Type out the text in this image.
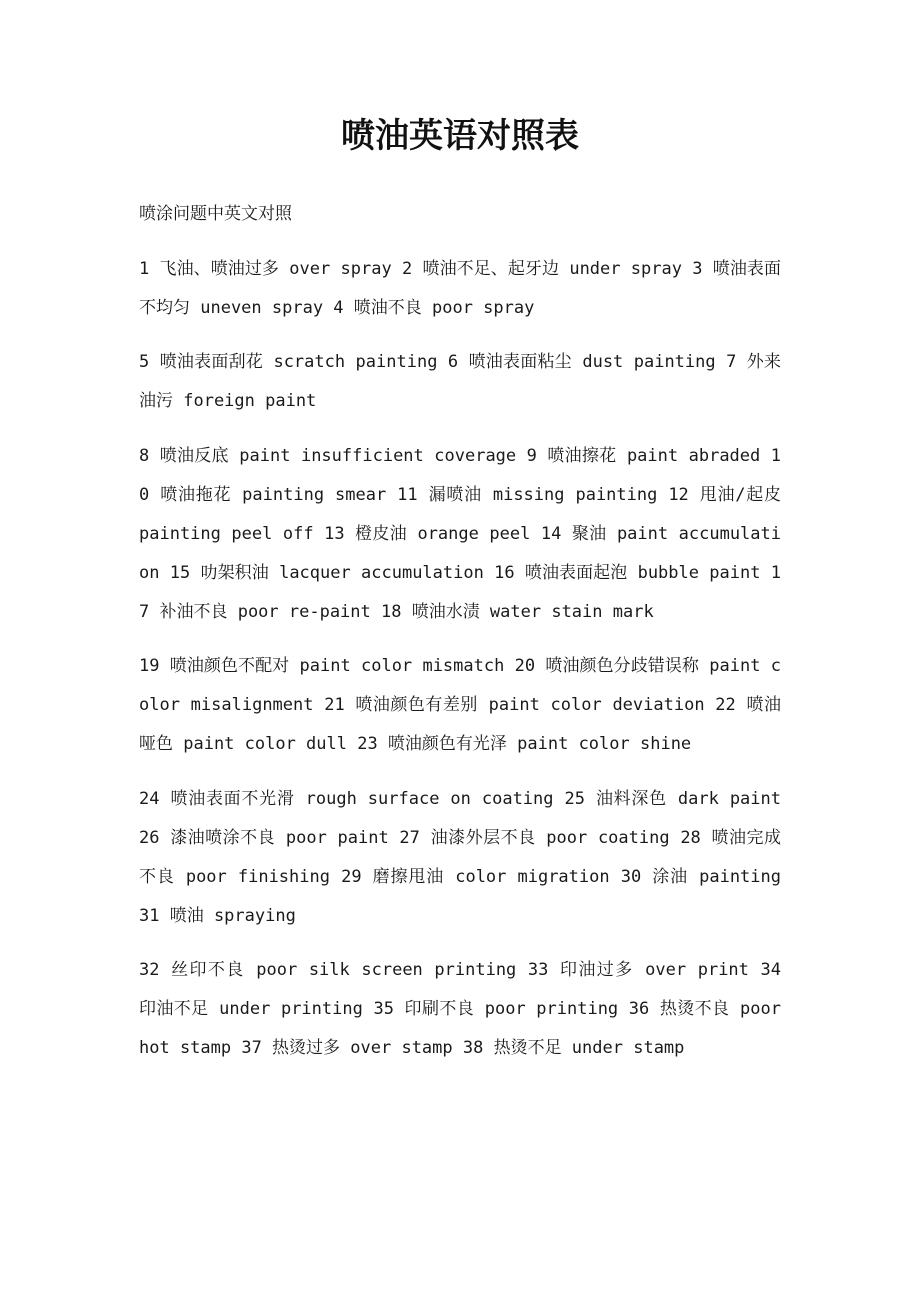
喷油英语对照表

喷涂问题中英文对照

1 飞油、喷油过多 over spray 2 喷油不足、起牙边 under spray 3 喷油表面不均匀 uneven spray 4 喷油不良 poor spray

5 喷油表面刮花 scratch painting 6 喷油表面粘尘 dust painting 7 外来油污 foreign paint

8 喷油反底 paint insufficient coverage 9 喷油擦花 paint abraded 10 喷油拖花 painting smear 11 漏喷油 missing painting 12 甩油/起皮 painting peel off 13 橙皮油 orange peel 14 聚油 paint accumulation 15 叻架积油 lacquer accumulation 16 喷油表面起泡 bubble paint 17 补油不良 poor re-paint 18 喷油水渍 water stain mark

19 喷油颜色不配对 paint color mismatch 20 喷油颜色分歧错误称 paint color misalignment 21 喷油颜色有差别 paint color deviation 22 喷油哑色 paint color dull 23 喷油颜色有光泽 paint color shine

24 喷油表面不光滑 rough surface on coating 25 油料深色 dark paint 26 漆油喷涂不良 poor paint 27 油漆外层不良 poor coating 28 喷油完成不良 poor finishing 29 磨擦甩油 color migration 30 涂油 painting 31 喷油 spraying

32 丝印不良 poor silk screen printing 33 印油过多 over print 34 印油不足 under printing 35 印刷不良 poor printing 36 热烫不良 poor hot stamp 37 热烫过多 over stamp 38 热烫不足 under stamp
